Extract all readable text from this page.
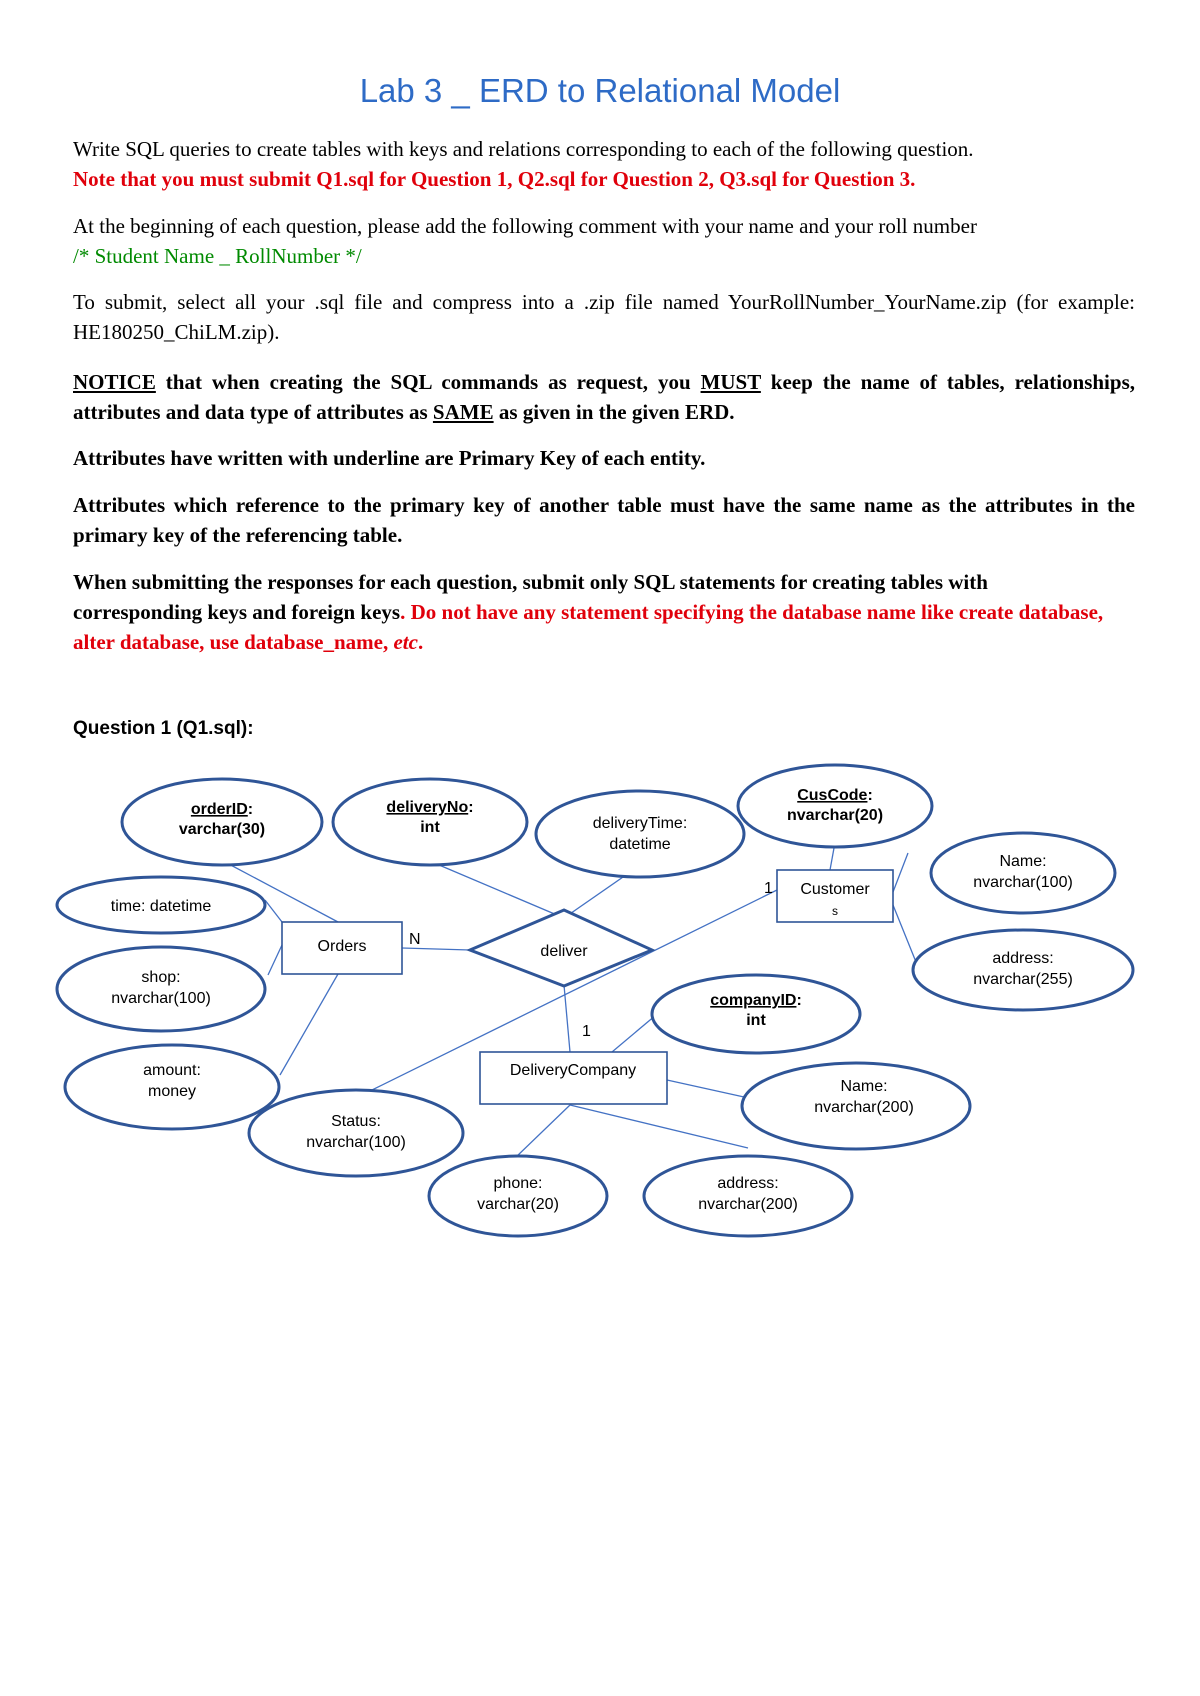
Lab 3 _ ERD to Relational Model
Write SQL queries to create tables with keys and relations corresponding to each of the following question.
Note that you must submit Q1.sql for Question 1, Q2.sql for Question 2, Q3.sql for Question 3.
At the beginning of each question, please add the following comment with your name and your roll number
/* Student Name _ RollNumber */
To submit, select all your .sql file and compress into a .zip file named YourRollNumber_YourName.zip (for example: HE180250_ChiLM.zip).
NOTICE that when creating the SQL commands as request, you MUST keep the name of tables, relationships, attributes and data type of attributes as SAME as given in the given ERD.
Attributes have written with underline are Primary Key of each entity.
Attributes which reference to the primary key of another table must have the same name as the attributes in the primary key of the referencing table.
When submitting the responses for each question, submit only SQL statements for creating tables with corresponding keys and foreign keys. Do not have any statement specifying the database name like create database, alter database, use database_name, etc.
Question 1 (Q1.sql):
Orders
Customer
s
DeliveryCompany
deliver
N
1
1
orderID:
varchar(30)
deliveryNo:
int	deliveryTime:
datetime
CusCode:
nvarchar(20)
Name:
nvarchar(100)
address:
nvarchar(255)
time: datetime
shop:
nvarchar(100)
amount:
money
Status:
nvarchar(100)
companyID:
int
Name:
nvarchar(200)
phone:
varchar(20)
address:
nvarchar(200)
